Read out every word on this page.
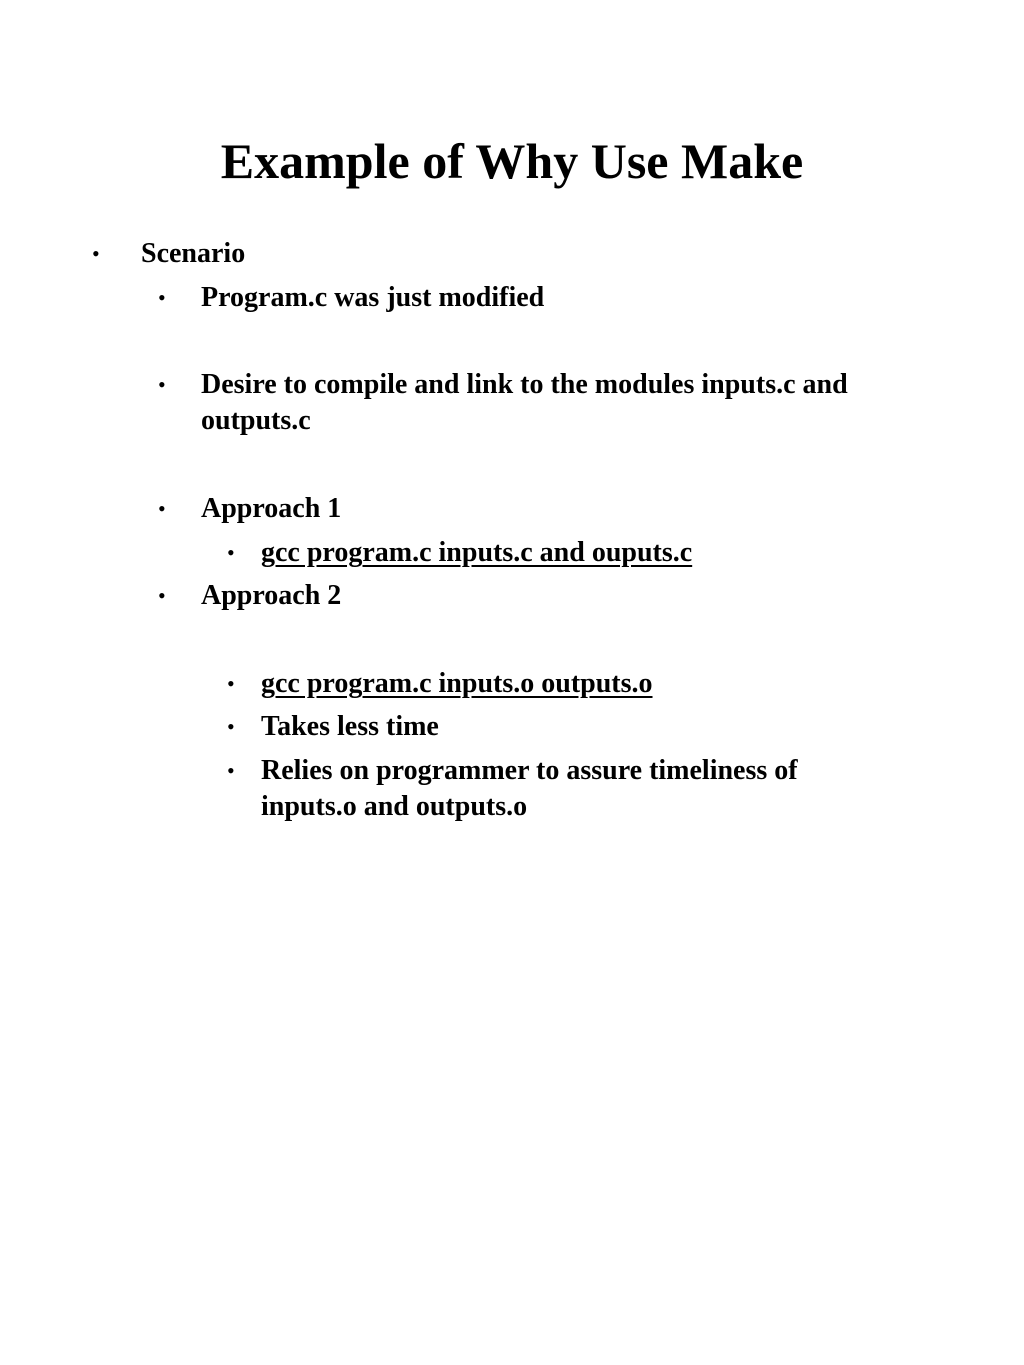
Example of Why Use Make
• Scenario
• Program.c was just modified
• Desire to compile and link to the modules inputs.c and outputs.c
• Approach 1
• gcc program.c inputs.c and ouputs.c
• Approach 2
• gcc program.c inputs.o outputs.o
• Takes less time
• Relies on programmer to assure timeliness of inputs.o and outputs.o
